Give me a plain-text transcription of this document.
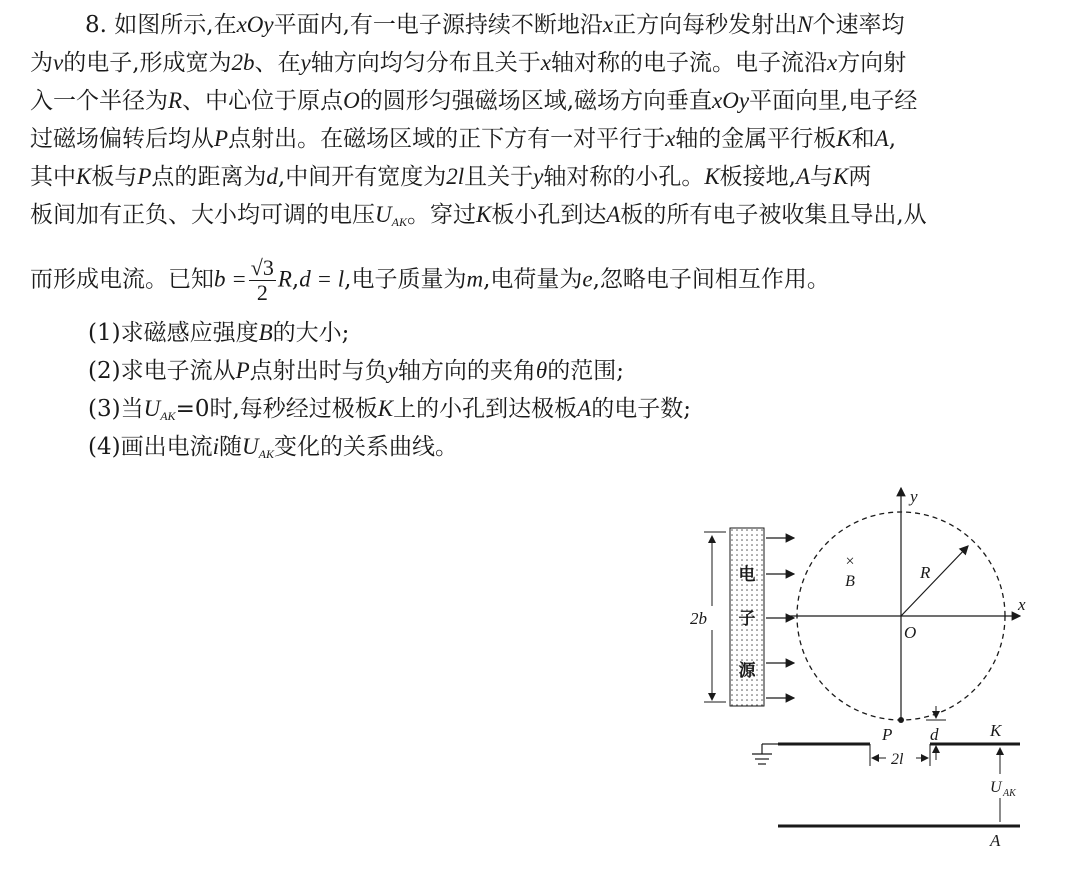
8. 如图所示,在xOy平面内,有一电子源持续不断地沿x正方向每秒发射出N个速率均
为v的电子,形成宽为2b、在y轴方向均匀分布且关于x轴对称的电子流。电子流沿x方向射
入一个半径为R、中心位于原点O的圆形匀强磁场区域,磁场方向垂直xOy平面向里,电子经
过磁场偏转后均从P点射出。在磁场区域的正下方有一对平行于x轴的金属平行板K和A,
其中K板与P点的距离为d,中间开有宽度为2l且关于y轴对称的小孔。K板接地,A与K两
板间加有正负、大小均可调的电压$U_{AK}$。穿过K板小孔到达A板的所有电子被收集且导出,从
而形成电流。已知$b = \frac{√3}{2} R,d = l$,电子质量为m,电荷量为e,忽略电子间相互作用。
(1)求磁感应强度B的大小;
(2)求电子流从P点射出时与负y轴方向的夹角θ的范围;
(3)当$U_{AK}=0$时,每秒经过极板K上的小孔到达极板A的电子数;
(4)画出电流i随$U_{AK}$变化的关系曲线。
电
子
源
2b
x
y
O
R
×
B
P d	K
2l
U AK
A
